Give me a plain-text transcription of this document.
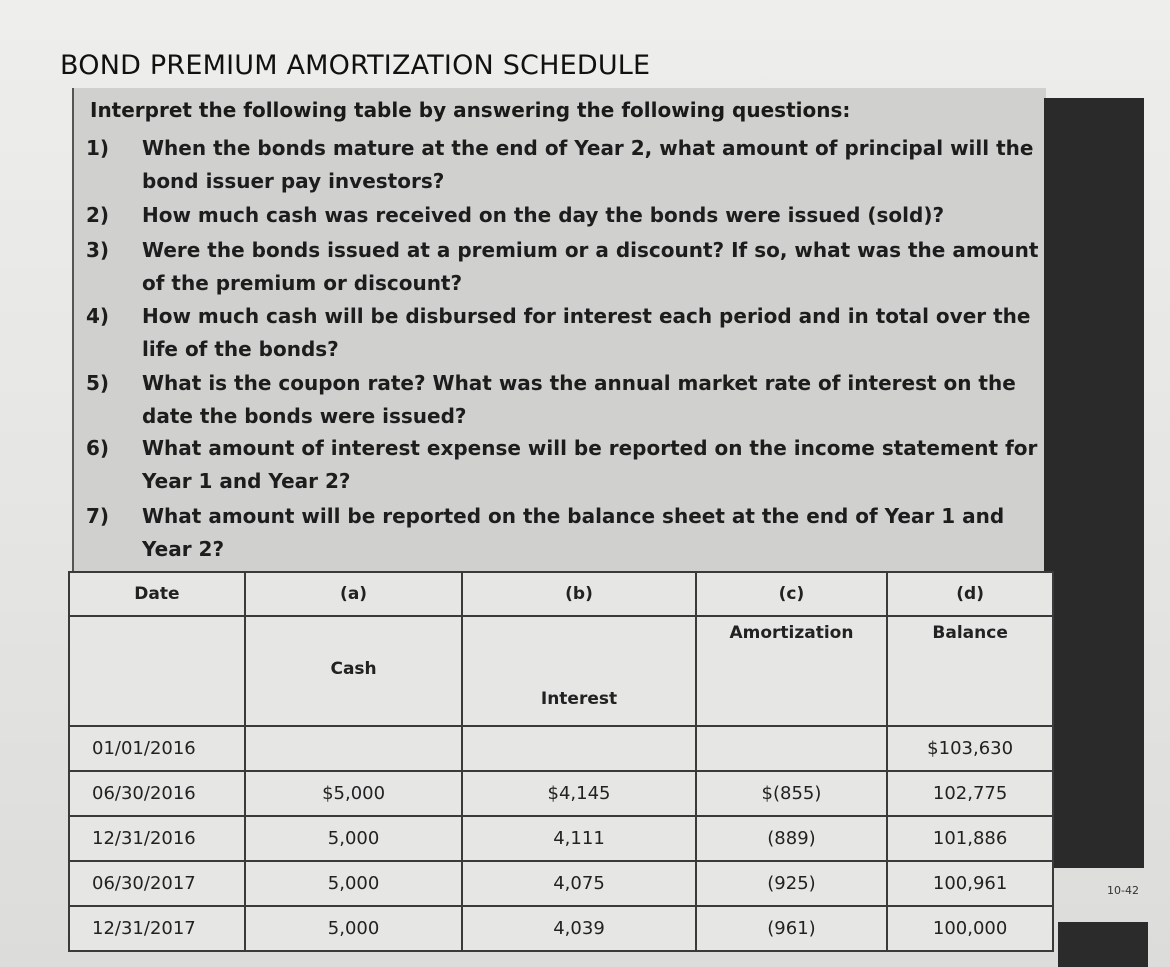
BOND PREMIUM AMORTIZATION SCHEDULE
10-42
Interpret the following table by answering the following questions:
1)	When the bonds mature at the end of Year 2, what amount of principal will the bond issuer pay investors?
2)	How much cash was received on the day the bonds were issued (sold)?
3)	Were the bonds issued at a premium or a discount? If so, what was the amount of the premium or discount?
4)	How much cash will be disbursed for interest each period and in total over the life of the bonds?
5)	What is the coupon rate? What was the annual market rate of interest on the date the bonds were issued?
6)	What amount of interest expense will be reported on the income statement for Year 1 and Year 2?
7)	What amount will be reported on the balance sheet at the end of Year 1 and Year 2?
Date	(a)	(b)	(c)	(d)

	Cash	Interest	Amortization	Balance

01/01/2016				$103,630
06/30/2016	$5,000	$4,145	$(855)	102,775
12/31/2016	5,000	4,111	(889)	101,886
06/30/2017	5,000	4,075	(925)	100,961
12/31/2017	5,000	4,039	(961)	100,000
